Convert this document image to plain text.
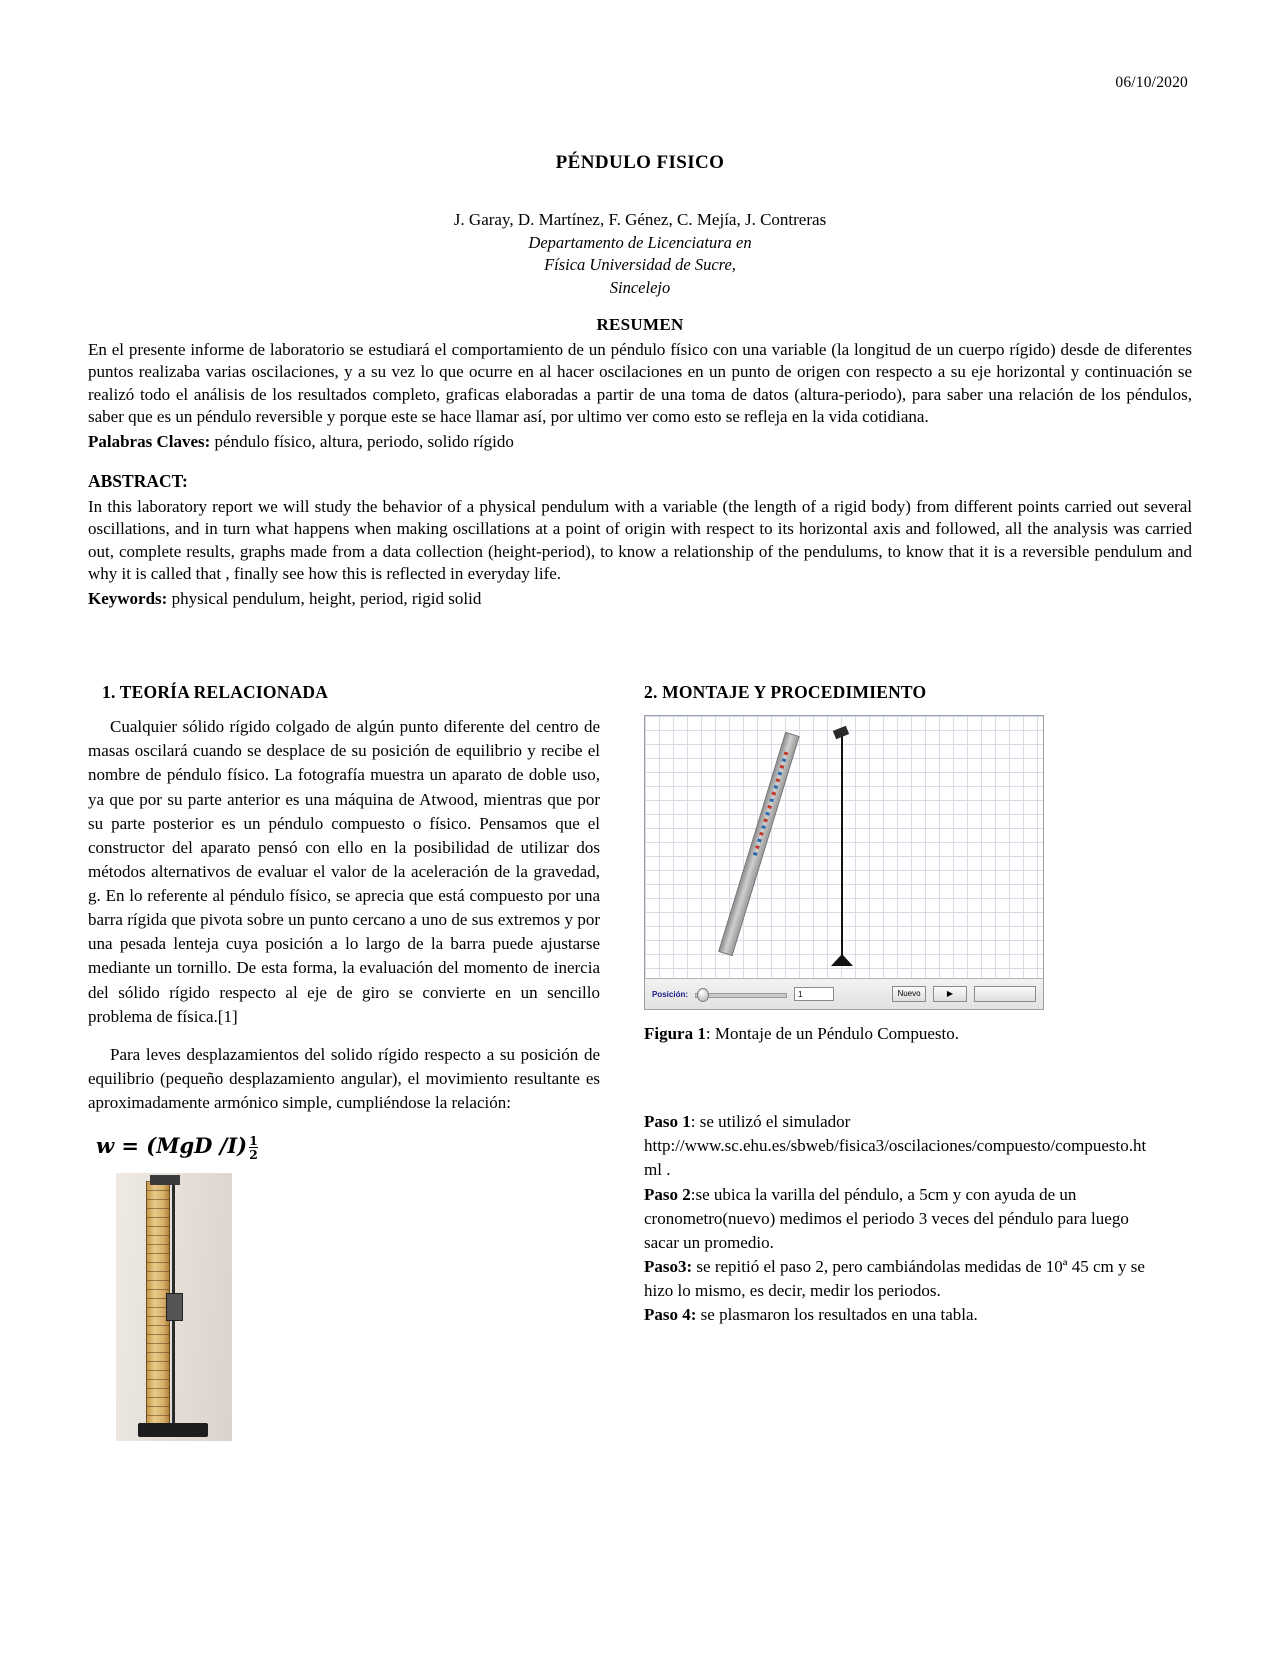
06/10/2020
PÉNDULO FISICO
J. Garay, D. Martínez, F. Génez, C. Mejía, J. Contreras
Departamento de Licenciatura en
Física Universidad de Sucre,
Sincelejo
RESUMEN

En el presente informe de laboratorio se estudiará el comportamiento de un péndulo físico con una variable (la longitud de un cuerpo rígido) desde de diferentes puntos realizaba varias oscilaciones, y a su vez lo que ocurre en al hacer oscilaciones en un punto de origen con respecto a su eje horizontal y continuación se realizó todo el análisis de los resultados completo, graficas elaboradas a partir de una toma de datos (altura-periodo), para saber una relación de los péndulos, saber que es un péndulo reversible y porque este se hace llamar así, por ultimo ver como esto se refleja en la vida cotidiana.

Palabras Claves: péndulo físico, altura, periodo, solido rígido

ABSTRACT:

In this laboratory report we will study the behavior of a physical pendulum with a variable (the length of a rigid body) from different points carried out several oscillations, and in turn what happens when making oscillations at a point of origin with respect to its horizontal axis and followed, all the analysis was carried out, complete results, graphs made from a data collection (height-period), to know a relationship of the pendulums, to know that it is a reversible pendulum and why it is called that , finally see how this is reflected in everyday life.

Keywords: physical pendulum, height, period, rigid solid

1. TEORÍA RELACIONADA

Cualquier sólido rígido colgado de algún punto diferente del centro de masas oscilará cuando se desplace de su posición de equilibrio y recibe el nombre de péndulo físico. La fotografía muestra un aparato de doble uso, ya que por su parte anterior es una máquina de Atwood, mientras que por su parte posterior es un péndulo compuesto o físico. Pensamos que el constructor del aparato pensó con ello en la posibilidad de utilizar dos métodos alternativos de evaluar el valor de la aceleración de la gravedad, g. En lo referente al péndulo físico, se aprecia que está compuesto por una barra rígida que pivota sobre un punto cercano a uno de sus extremos y por una pesada lenteja cuya posición a lo largo de la barra puede ajustarse mediante un tornillo. De esta forma, la evaluación del momento de inercia del sólido rígido respecto al eje de giro se convierte en un sencillo problema de física.[1]

Para leves desplazamientos del solido rígido respecto a su posición de equilibrio (pequeño desplazamiento angular), el movimiento resultante es aproximadamente armónico simple, cumpliéndose la relación:

w = (MgD $/I) \frac{1}{2}$
2. MONTAJE Y PROCEDIMIENTO
Posición:	1	Nuevo	▶
Figura 1: Montaje de un Péndulo Compuesto.

Paso 1: se utilizó el simulador
http://www.sc.ehu.es/sbweb/fisica3/oscilaciones/compuesto/compuesto.html .

Paso 2:se ubica la varilla del péndulo, a 5cm y con ayuda de un cronometro(nuevo) medimos el periodo 3 veces del péndulo para luego sacar un promedio.

Paso3: se repitió el paso 2, pero cambiándolas medidas de 10ª 45 cm y se hizo lo mismo, es decir, medir los periodos.

Paso 4: se plasmaron los resultados en una tabla.
